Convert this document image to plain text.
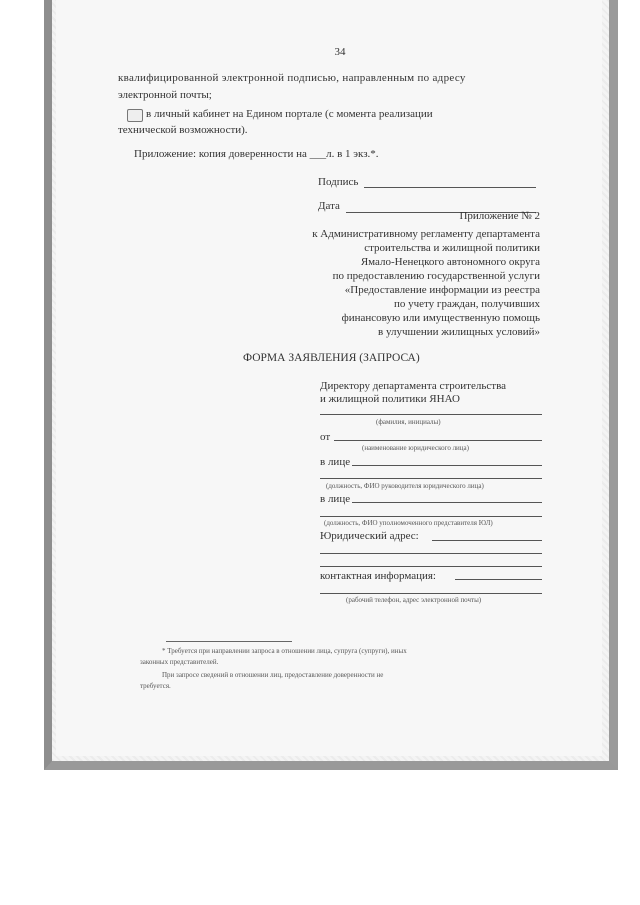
34
квалифицированной электронной подписью, направленным по адресу
электронной почты;
в личный кабинет на Едином портале (с момента реализации
технической возможности).
Приложение: копия доверенности на ___л. в 1 экз.*.
Подпись
Дата
Приложение № 2
к Административному регламенту департамента
строительства и жилищной политики
Ямало-Ненецкого автономного округа
по предоставлению государственной услуги
«Предоставление информации из реестра
по учету граждан, получивших
финансовую или имущественную помощь
в улучшении жилищных условий»
ФОРМА ЗАЯВЛЕНИЯ (ЗАПРОСА)
Директору департамента строительства
и жилищной политики ЯНАО
(фамилия, инициалы)
от
(наименование юридического лица)
в лице
(должность, ФИО руководителя юридического лица)
в лице
(должность, ФИО уполномоченного представителя ЮЛ)
Юридический адрес:
контактная информация:
(рабочий телефон, адрес электронной почты)
* Требуется при направлении запроса в отношении лица, супруга (супруги), иных
законных представителей.
При запросе сведений в отношении лиц, предоставление доверенности не
требуется.
